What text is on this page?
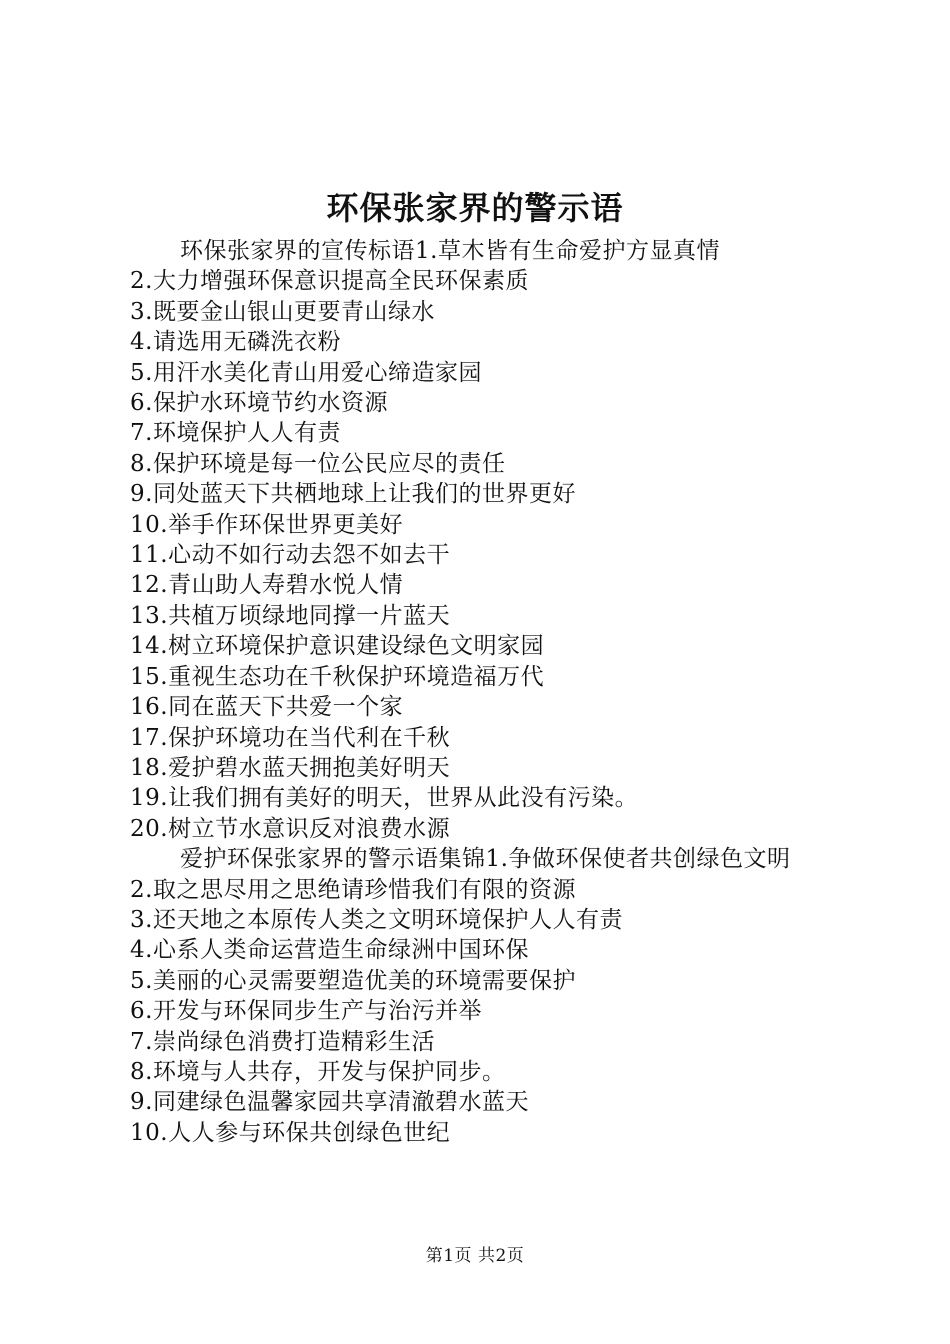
环保张家界的警示语

环保张家界的宣传标语1.草木皆有生命爱护方显真情

2.大力增强环保意识提高全民环保素质

3.既要金山银山更要青山绿水

4.请选用无磷洗衣粉

5.用汗水美化青山用爱心缔造家园

6.保护水环境节约水资源

7.环境保护人人有责

8.保护环境是每一位公民应尽的责任

9.同处蓝天下共栖地球上让我们的世界更好

10.举手作环保世界更美好

11.心动不如行动去怨不如去干

12.青山助人寿碧水悦人情

13.共植万顷绿地同撑一片蓝天

14.树立环境保护意识建设绿色文明家园

15.重视生态功在千秋保护环境造福万代

16.同在蓝天下共爱一个家

17.保护环境功在当代利在千秋

18.爱护碧水蓝天拥抱美好明天

19.让我们拥有美好的明天，世界从此没有污染。

20.树立节水意识反对浪费水源

爱护环保张家界的警示语集锦1.争做环保使者共创绿色文明

2.取之思尽用之思绝请珍惜我们有限的资源

3.还天地之本原传人类之文明环境保护人人有责

4.心系人类命运营造生命绿洲中国环保

5.美丽的心灵需要塑造优美的环境需要保护

6.开发与环保同步生产与治污并举

7.崇尚绿色消费打造精彩生活

8.环境与人共存，开发与保护同步。

9.同建绿色温馨家园共享清澈碧水蓝天

10.人人参与环保共创绿色世纪

第1页 共2页
